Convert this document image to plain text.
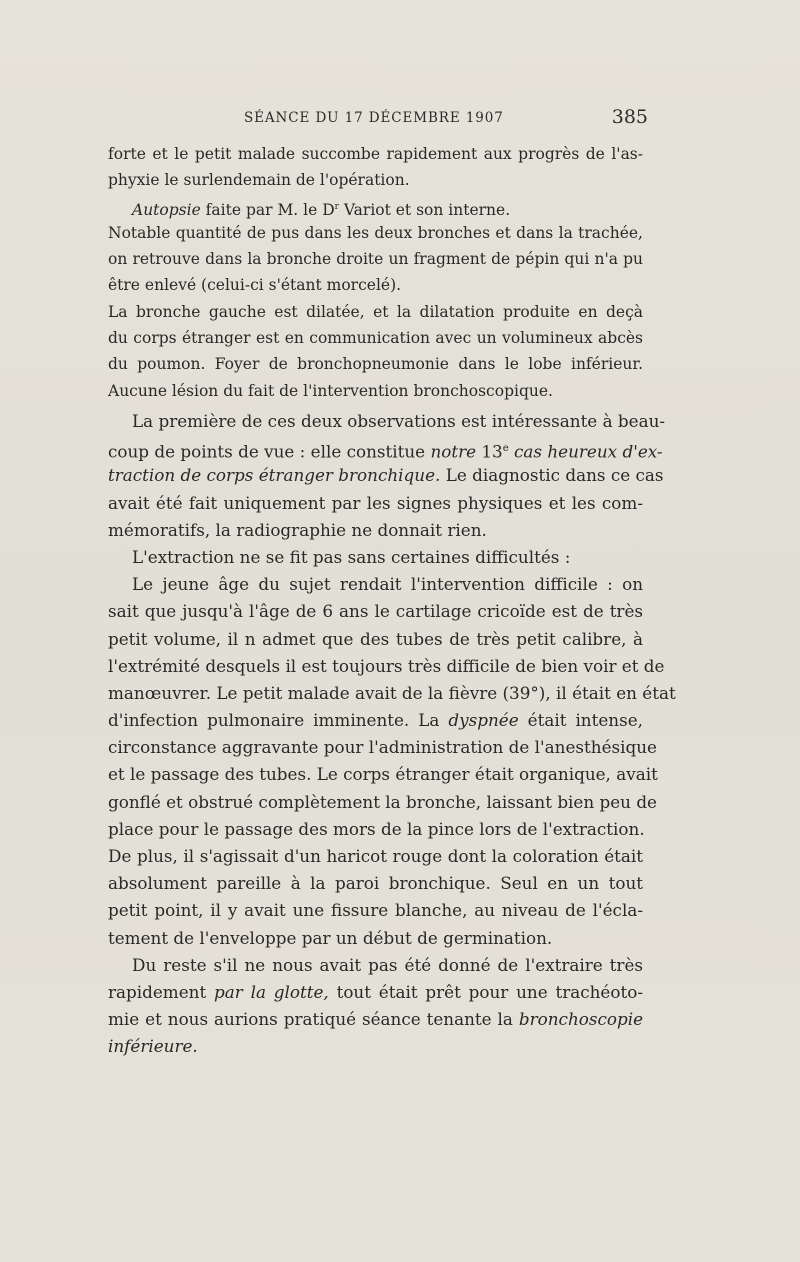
SÉANCE DU 17 DÉCEMBRE 1907	385
forte et le petit malade succombe rapidement aux progrès de l'as-
phyxie le surlendemain de l'opération.
Autopsie faite par M. le $D^r$ Variot et son interne.
Notable quantité de pus dans les deux bronches et dans la trachée,
on retrouve dans la bronche droite un fragment de pépin qui n'a pu
être enlevé (celui-ci s'étant morcelé).
La bronche gauche est dilatée, et la dilatation produite en deçà
du corps étranger est en communication avec un volumineux abcès
du poumon. Foyer de bronchopneumonie dans le lobe inférieur.
Aucune lésion du fait de l'intervention bronchoscopique.
La première de ces deux observations est intéressante à beau-
coup de points de vue : elle constitue notre 13e cas heureux d'ex-
traction de corps étranger bronchique. Le diagnostic dans ce cas
avait été fait uniquement par les signes physiques et les com-
mémoratifs, la radiographie ne donnait rien.
L'extraction ne se fit pas sans certaines difficultés :
Le jeune âge du sujet rendait l'intervention difficile : on
sait que jusqu'à l'âge de 6 ans le cartilage cricoïde est de très
petit volume, il n admet que des tubes de très petit calibre, à
l'extrémité desquels il est toujours très difficile de bien voir et de
manœuvrer. Le petit malade avait de la fièvre (39°), il était en état
d'infection pulmonaire imminente. La dyspnée était intense,
circonstance aggravante pour l'administration de l'anesthésique
et le passage des tubes. Le corps étranger était organique, avait
gonflé et obstrué complètement la bronche, laissant bien peu de
place pour le passage des mors de la pince lors de l'extraction.
De plus, il s'agissait d'un haricot rouge dont la coloration était
absolument pareille à la paroi bronchique. Seul en un tout
petit point, il y avait une fissure blanche, au niveau de l'écla-
tement de l'enveloppe par un début de germination.
Du reste s'il ne nous avait pas été donné de l'extraire très
rapidement par la glotte, tout était prêt pour une trachéoto-
mie et nous aurions pratiqué séance tenante la bronchoscopie
inférieure.
